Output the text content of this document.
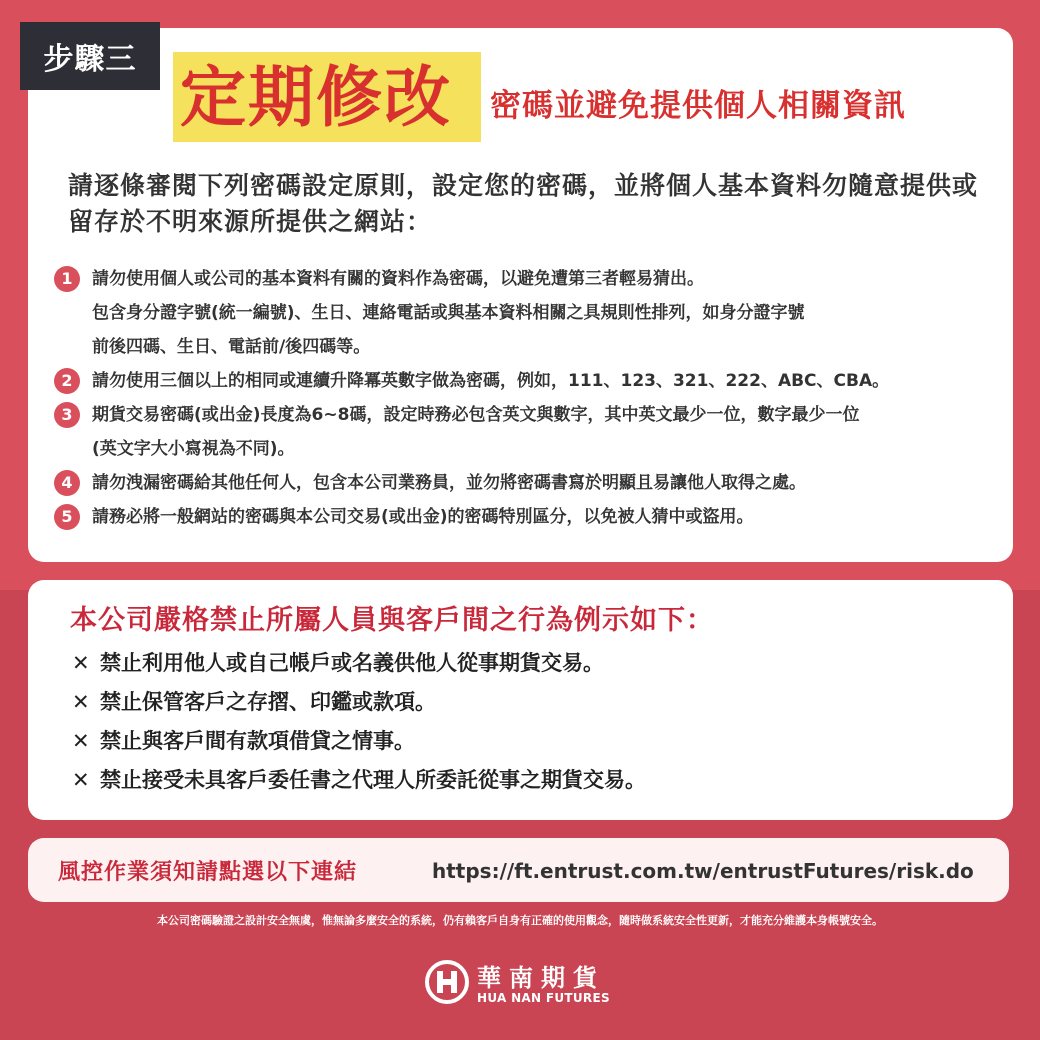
步驟三 定期修改 密碼並避免提供個人相關資訊
請逐條審閱下列密碼設定原則，設定您的密碼，並將個人基本資料勿隨意提供或留存於不明來源所提供之網站：
1	請勿使用個人或公司的基本資料有關的資料作為密碼，以避免遭第三者輕易猜出。
包含身分證字號(統一編號)、生日、連絡電話或與基本資料相關之具規則性排列，如身分證字號
前後四碼、生日、電話前/後四碼等。
2	請勿使用三個以上的相同或連續升降冪英數字做為密碼，例如，111、123、321、222、ABC、CBA。
3	期貨交易密碼(或出金)長度為6~8碼，設定時務必包含英文與數字，其中英文最少一位，數字最少一位
(英文字大小寫視為不同)。
4	請勿洩漏密碼給其他任何人，包含本公司業務員，並勿將密碼書寫於明顯且易讓他人取得之處。
5	請務必將一般網站的密碼與本公司交易(或出金)的密碼特別區分，以免被人猜中或盜用。
本公司嚴格禁止所屬人員與客戶間之行為例示如下：
✕ 禁止利用他人或自己帳戶或名義供他人從事期貨交易。
✕ 禁止保管客戶之存摺、印鑑或款項。
✕ 禁止與客戶間有款項借貸之情事。
✕ 禁止接受未具客戶委任書之代理人所委託從事之期貨交易。
風控作業須知請點選以下連結	https://ft.entrust.com.tw/entrustFutures/risk.do
本公司密碼驗證之設計安全無虞，惟無論多麼安全的系統，仍有賴客戶自身有正確的使用觀念，隨時做系統安全性更新，才能充分維護本身帳號安全。
華南期貨
HUA NAN FUTURES
